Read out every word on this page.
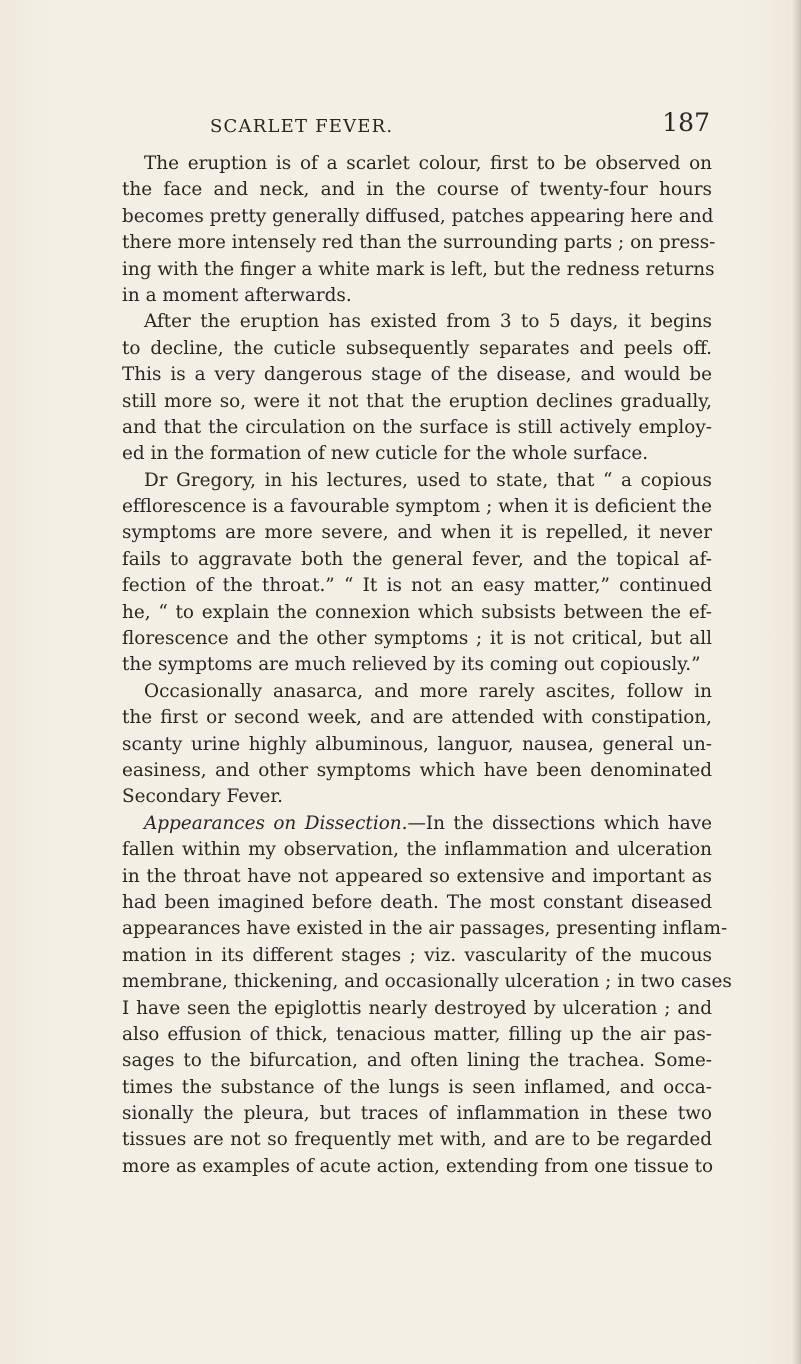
SCARLET FEVER.	187
The eruption is of a scarlet colour, first to be observed on
the face and neck, and in the course of twenty-four hours
becomes pretty generally diffused, patches appearing here and
there more intensely red than the surrounding parts ; on press-
ing with the finger a white mark is left, but the redness returns
in a moment afterwards.
After the eruption has existed from 3 to 5 days, it begins
to decline, the cuticle subsequently separates and peels off.
This is a very dangerous stage of the disease, and would be
still more so, were it not that the eruption declines gradually,
and that the circulation on the surface is still actively employ-
ed in the formation of new cuticle for the whole surface.
Dr Gregory, in his lectures, used to state, that “ a copious
efflorescence is a favourable symptom ; when it is deficient the
symptoms are more severe, and when it is repelled, it never
fails to aggravate both the general fever, and the topical af-
fection of the throat.” “ It is not an easy matter,” continued
he, “ to explain the connexion which subsists between the ef-
florescence and the other symptoms ; it is not critical, but all
the symptoms are much relieved by its coming out copiously.”
Occasionally anasarca, and more rarely ascites, follow in
the first or second week, and are attended with constipation,
scanty urine highly albuminous, languor, nausea, general un-
easiness, and other symptoms which have been denominated
Secondary Fever.
Appearances on Dissection.—In the dissections which have
fallen within my observation, the inflammation and ulceration
in the throat have not appeared so extensive and important as
had been imagined before death. The most constant diseased
appearances have existed in the air passages, presenting inflam-
mation in its different stages ; viz. vascularity of the mucous
membrane, thickening, and occasionally ulceration ; in two cases
I have seen the epiglottis nearly destroyed by ulceration ; and
also effusion of thick, tenacious matter, filling up the air pas-
sages to the bifurcation, and often lining the trachea. Some-
times the substance of the lungs is seen inflamed, and occa-
sionally the pleura, but traces of inflammation in these two
tissues are not so frequently met with, and are to be regarded
more as examples of acute action, extending from one tissue to
